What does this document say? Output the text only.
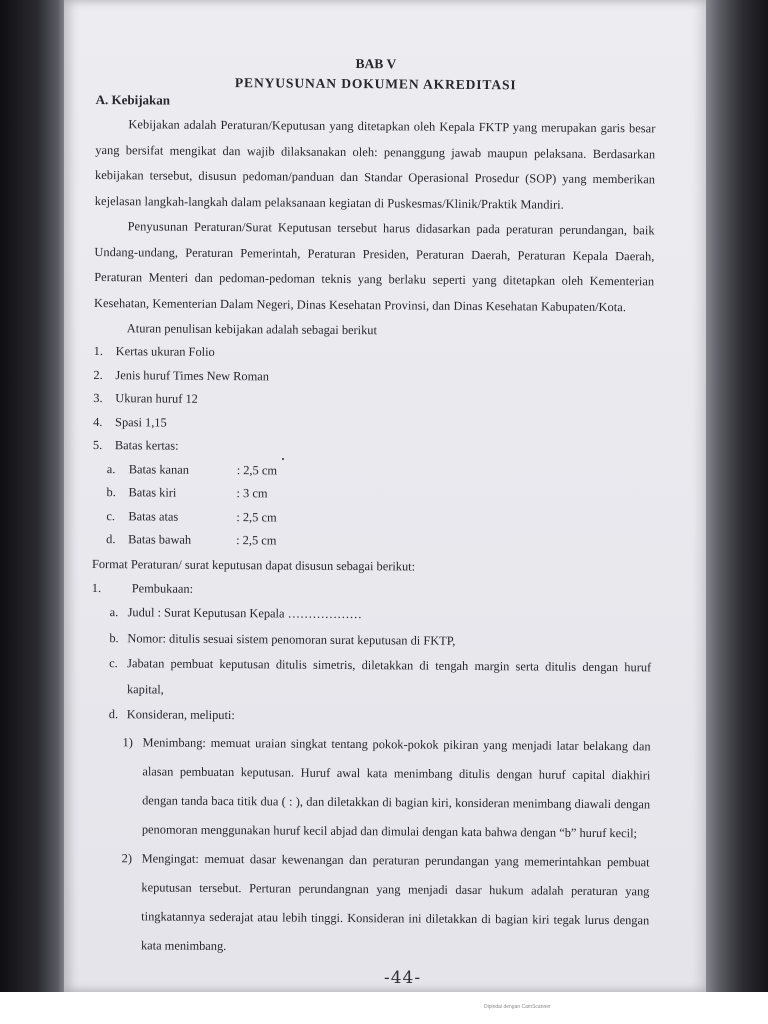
BAB V

PENYUSUNAN DOKUMEN AKREDITASI

A. Kebijakan

Kebijakan adalah Peraturan/Keputusan yang ditetapkan oleh Kepala FKTP yang merupakan garis besar yang bersifat mengikat dan wajib dilaksanakan oleh: penanggung jawab maupun pelaksana. Berdasarkan kebijakan tersebut, disusun pedoman/panduan dan Standar Operasional Prosedur (SOP) yang memberikan kejelasan langkah-langkah dalam pelaksanaan kegiatan di Puskesmas/Klinik/Praktik Mandiri.

Penyusunan Peraturan/Surat Keputusan tersebut harus didasarkan pada peraturan perundangan, baik Undang-undang, Peraturan Pemerintah, Peraturan Presiden, Peraturan Daerah, Peraturan Kepala Daerah, Peraturan Menteri dan pedoman-pedoman teknis yang berlaku seperti yang ditetapkan oleh Kementerian Kesehatan, Kementerian Dalam Negeri, Dinas Kesehatan Provinsi, dan Dinas Kesehatan Kabupaten/Kota.

Aturan penulisan kebijakan adalah sebagai berikut

1.	Kertas ukuran Folio
2.	Jenis huruf Times New Roman
3.	Ukuran huruf 12
4.	Spasi 1,15
5.	Batas kertas:
a.	Batas kanan	: 2,5 cm
b.	Batas kiri	: 3 cm
c.	Batas atas	: 2,5 cm
d.	Batas bawah	: 2,5 cm

Format Peraturan/ surat keputusan dapat disusun sebagai berikut:

1.	Pembukaan:

a. Judul : Surat Keputusan Kepala ………………

b. Nomor: ditulis sesuai sistem penomoran surat keputusan di FKTP,

c. Jabatan pembuat keputusan ditulis simetris, diletakkan di tengah margin serta ditulis dengan huruf kapital,

d. Konsideran, meliputi:

1) Menimbang: memuat uraian singkat tentang pokok-pokok pikiran yang menjadi latar belakang dan alasan pembuatan keputusan. Huruf awal kata menimbang ditulis dengan huruf capital diakhiri dengan tanda baca titik dua ( : ), dan diletakkan di bagian kiri, konsideran menimbang diawali dengan penomoran menggunakan huruf kecil abjad dan dimulai dengan kata bahwa dengan “b” huruf kecil;

2) Mengingat: memuat dasar kewenangan dan peraturan perundangan yang memerintahkan pembuat keputusan tersebut. Perturan perundangnan yang menjadi dasar hukum adalah peraturan yang tingkatannya sederajat atau lebih tinggi. Konsideran ini diletakkan di bagian kiri tegak lurus dengan kata menimbang.

-44-
Dipindai dengan CamScanner
